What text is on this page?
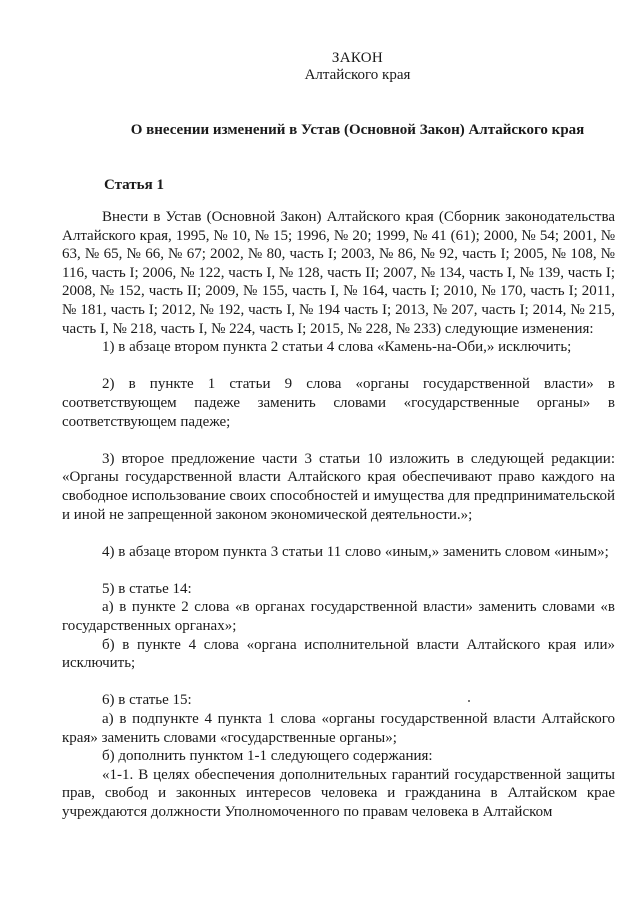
ЗАКОН
Алтайского края
О внесении изменений в Устав (Основной Закон) Алтайского края
Статья 1

Внести в Устав (Основной Закон) Алтайского края (Сборник законодательства Алтайского края, 1995, № 10, № 15; 1996, № 20; 1999, № 41 (61); 2000, № 54; 2001, № 63, № 65, № 66, № 67; 2002, № 80, часть I; 2003, № 86, № 92, часть I; 2005, № 108, № 116, часть I; 2006, № 122, часть I, № 128, часть II; 2007, № 134, часть I, № 139, часть I; 2008, № 152, часть II; 2009, № 155, часть I, № 164, часть I; 2010, № 170, часть I; 2011, № 181, часть I; 2012, № 192, часть I, № 194 часть I; 2013, № 207, часть I; 2014, № 215, часть I, № 218, часть I, № 224, часть I; 2015, № 228, № 233) следующие изменения:

1) в абзаце втором пункта 2 статьи 4 слова «Камень-на-Оби,» исключить;

2) в пункте 1 статьи 9 слова «органы государственной власти» в соответствующем падеже заменить словами «государственные органы» в соответствующем падеже;

3) второе предложение части 3 статьи 10 изложить в следующей редакции: «Органы государственной власти Алтайского края обеспечивают право каждого на свободное использование своих способностей и имущества для предпринимательской и иной не запрещенной законом экономической деятельности.»;

4) в абзаце втором пункта 3 статьи 11 слово «иным,» заменить словом «иным»;

5) в статье 14:

а) в пункте 2 слова «в органах государственной власти» заменить словами «в государственных органах»;

б) в пункте 4 слова «органа исполнительной власти Алтайского края или» исключить;

6) в статье 15:

а) в подпункте 4 пункта 1 слова «органы государственной власти Алтайского края» заменить словами «государственные органы»;

б) дополнить пунктом 1-1 следующего содержания:

«1-1. В целях обеспечения дополнительных гарантий государственной защиты прав, свобод и законных интересов человека и гражданина в Алтайском крае учреждаются должности Уполномоченного по правам человека в Алтайском
